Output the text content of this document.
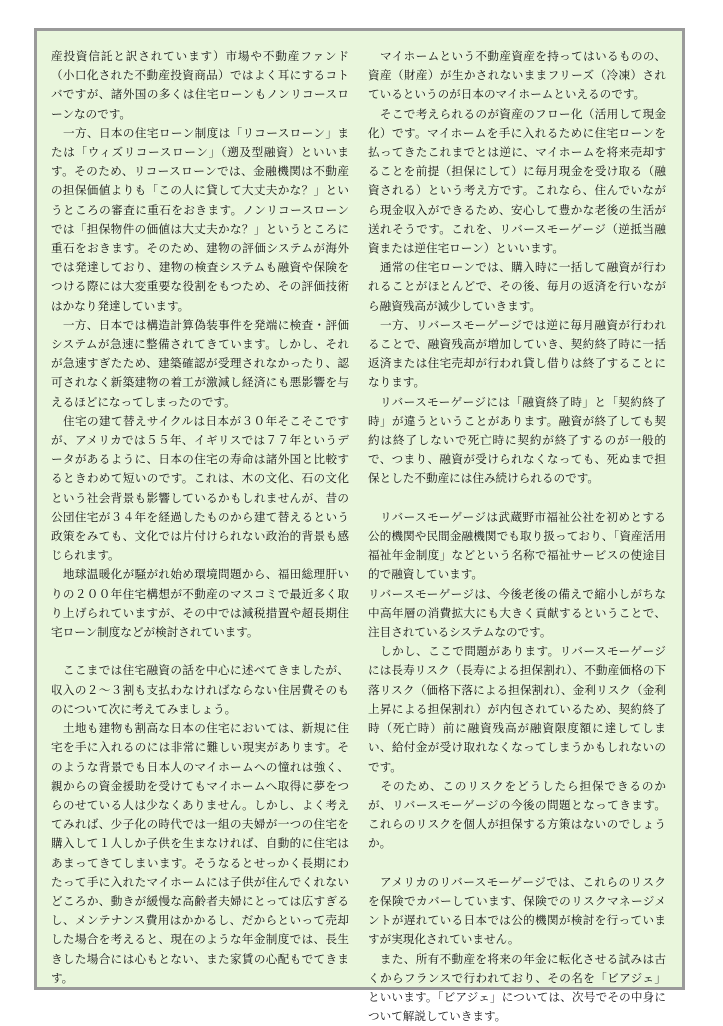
産投資信託と訳されています）市場や不動産ファンド（小口化された不動産投資商品）ではよく耳にするコトバですが、諸外国の多くは住宅ローンもノンリコースローンなのです。

　一方、日本の住宅ローン制度は「リコースローン」または「ウィズリコースローン」（遡及型融資）といいます。そのため、リコースローンでは、金融機関は不動産の担保価値よりも「この人に貸して大丈夫かな？」というところの審査に重石をおきます。ノンリコースローンでは「担保物件の価値は大丈夫かな？」というところに重石をおきます。そのため、建物の評価システムが海外では発達しており、建物の検査システムも融資や保険をつける際には大変重要な役割をもつため、その評価技術はかなり発達しています。

　一方、日本では構造計算偽装事件を発端に検査・評価システムが急速に整備されてきています。しかし、それが急速すぎたため、建築確認が受理されなかったり、認可されなく新築建物の着工が激減し経済にも悪影響を与えるほどになってしまったのです。

　住宅の建て替えサイクルは日本が３０年そこそこですが、アメリカでは５５年、イギリスでは７７年というデータがあるように、日本の住宅の寿命は諸外国と比較するときわめて短いのです。これは、木の文化、石の文化という社会背景も影響しているかもしれませんが、昔の公団住宅が３４年を経過したものから建て替えるという政策をみても、文化では片付けられない政治的背景も感じられます。

　地球温暖化が騒がれ始め環境問題から、福田総理肝いりの２００年住宅構想が不動産のマスコミで最近多く取り上げられていますが、その中では減税措置や超長期住宅ローン制度などが検討されています。

　ここまでは住宅融資の話を中心に述べてきましたが、収入の２～３割も支払わなければならない住居費そのものについて次に考えてみましょう。

　土地も建物も割高な日本の住宅においては、新規に住宅を手に入れるのには非常に難しい現実があります。そのような背景でも日本人のマイホームへの憧れは強く、親からの資金援助を受けてもマイホームへ取得に夢をつらのせている人は少なくありません。しかし、よく考えてみれば、少子化の時代では一組の夫婦が一つの住宅を購入して１人しか子供を生まなければ、自動的に住宅はあまってきてしまいます。そうなるとせっかく長期にわたって手に入れたマイホームには子供が住んでくれないどころか、動きが緩慢な高齢者夫婦にとっては広すぎるし、メンテナンス費用はかかるし、だからといって売却した場合を考えると、現在のような年金制度では、長生きした場合には心もとない、また家賃の心配もでてきます。

　マイホームという不動産資産を持ってはいるものの、資産（財産）が生かされないままフリーズ（冷凍）されているというのが日本のマイホームといえるのです。

　そこで考えられるのが資産のフロー化（活用して現金化）です。マイホームを手に入れるために住宅ローンを払ってきたこれまでとは逆に、マイホームを将来売却することを前提（担保にして）に毎月現金を受け取る（融資される）という考え方です。これなら、住んでいながら現金収入ができるため、安心して豊かな老後の生活が送れそうです。これを、リバースモーゲージ（逆抵当融資または逆住宅ローン）といいます。

　通常の住宅ローンでは、購入時に一括して融資が行われることがほとんどで、その後、毎月の返済を行いながら融資残高が減少していきます。

　一方、リバースモーゲージでは逆に毎月融資が行われることで、融資残高が増加していき、契約終了時に一括返済または住宅売却が行われ貸し借りは終了することになります。

　リバースモーゲージには「融資終了時」と「契約終了時」が違うということがあります。融資が終了しても契約は終了しないで死亡時に契約が終了するのが一般的で、つまり、融資が受けられなくなっても、死ぬまで担保とした不動産には住み続けられるのです。

　リバースモーゲージは武蔵野市福祉公社を初めとする公的機関や民間金融機関でも取り扱っており、「資産活用福祉年金制度」などという名称で福祉サービスの使途目的で融資しています。

リバースモーゲージは、今後老後の備えで縮小しがちな中高年層の消費拡大にも大きく貢献するということで、注目されているシステムなのです。

　しかし、ここで問題があります。リバースモーゲージには長寿リスク（長寿による担保割れ）、不動産価格の下落リスク（価格下落による担保割れ）、金利リスク（金利上昇による担保割れ）が内包されているため、契約終了時（死亡時）前に融資残高が融資限度額に達してしまい、給付金が受け取れなくなってしまうかもしれないのです。

　そのため、このリスクをどうしたら担保できるのかが、リバースモーゲージの今後の問題となってきます。これらのリスクを個人が担保する方策はないのでしょうか。

　アメリカのリバースモーゲージでは、これらのリスクを保険でカバーしています、保険でのリスクマネージメントが遅れている日本では公的機関が検討を行っていますが実現化されていません。

　また、所有不動産を将来の年金に転化させる試みは古くからフランスで行われており、その名を「ビアジェ」といいます。「ビアジェ」については、次号でその中身について解説していきます。
